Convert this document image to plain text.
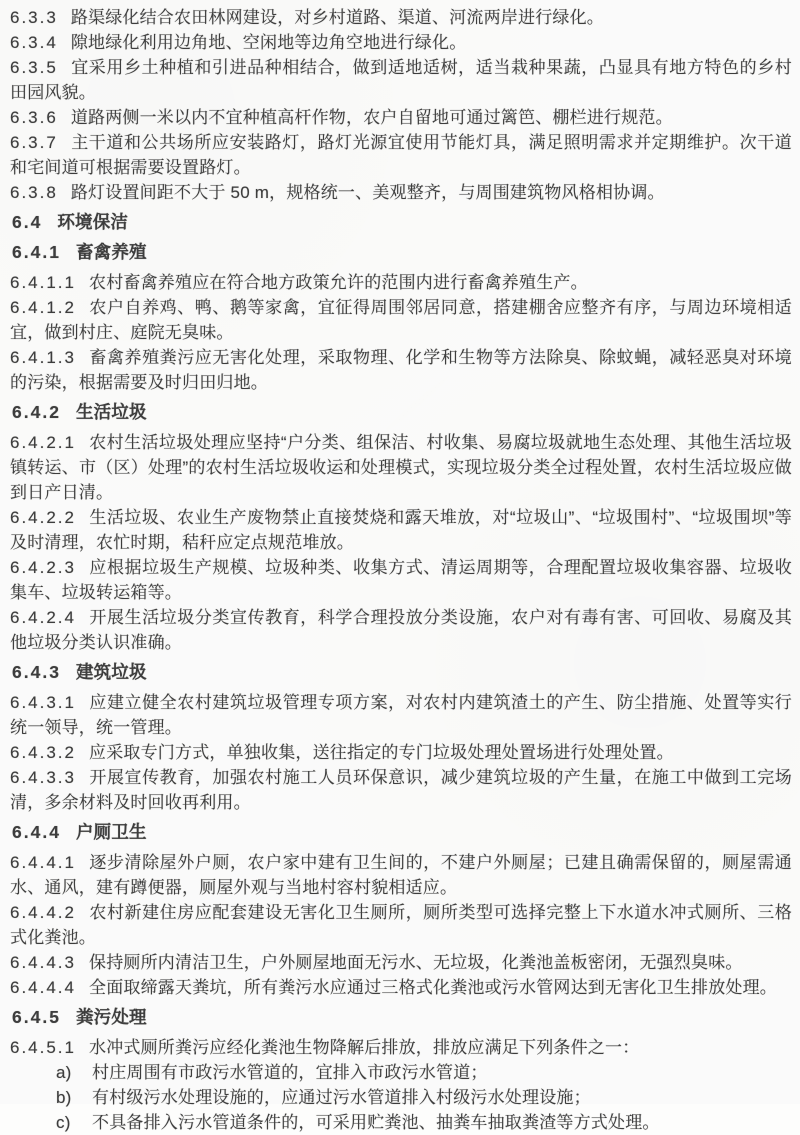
6.3.3 路渠绿化结合农田林网建设，对乡村道路、渠道、河流两岸进行绿化。

6.3.4 隙地绿化利用边角地、空闲地等边角空地进行绿化。

6.3.5 宜采用乡土种植和引进品种相结合，做到适地适树，适当栽种果蔬，凸显具有地方特色的乡村田园风貌。

6.3.6 道路两侧一米以内不宜种植高杆作物，农户自留地可通过篱笆、棚栏进行规范。

6.3.7 主干道和公共场所应安装路灯，路灯光源宜使用节能灯具，满足照明需求并定期维护。次干道和宅间道可根据需要设置路灯。

6.3.8 路灯设置间距不大于 50 m，规格统一、美观整齐，与周围建筑物风格相协调。

6.4 环境保洁

6.4.1 畜禽养殖

6.4.1.1 农村畜禽养殖应在符合地方政策允许的范围内进行畜禽养殖生产。

6.4.1.2 农户自养鸡、鸭、鹅等家禽，宜征得周围邻居同意，搭建棚舍应整齐有序，与周边环境相适宜，做到村庄、庭院无臭味。

6.4.1.3 畜禽养殖粪污应无害化处理，采取物理、化学和生物等方法除臭、除蚊蝇，减轻恶臭对环境的污染，根据需要及时归田归地。

6.4.2 生活垃圾

6.4.2.1 农村生活垃圾处理应坚持“户分类、组保洁、村收集、易腐垃圾就地生态处理、其他生活垃圾镇转运、市（区）处理”的农村生活垃圾收运和处理模式，实现垃圾分类全过程处置，农村生活垃圾应做到日产日清。

6.4.2.2 生活垃圾、农业生产废物禁止直接焚烧和露天堆放，对“垃圾山”、“垃圾围村”、“垃圾围坝”等及时清理，农忙时期，秸秆应定点规范堆放。

6.4.2.3 应根据垃圾生产规模、垃圾种类、收集方式、清运周期等，合理配置垃圾收集容器、垃圾收集车、垃圾转运箱等。

6.4.2.4 开展生活垃圾分类宣传教育，科学合理投放分类设施，农户对有毒有害、可回收、易腐及其他垃圾分类认识准确。

6.4.3 建筑垃圾

6.4.3.1 应建立健全农村建筑垃圾管理专项方案，对农村内建筑渣土的产生、防尘措施、处置等实行统一领导，统一管理。

6.4.3.2 应采取专门方式，单独收集，送往指定的专门垃圾处理处置场进行处理处置。

6.4.3.3 开展宣传教育，加强农村施工人员环保意识，减少建筑垃圾的产生量，在施工中做到工完场清，多余材料及时回收再利用。

6.4.4 户厕卫生

6.4.4.1 逐步清除屋外户厕，农户家中建有卫生间的，不建户外厕屋；已建且确需保留的，厕屋需通水、通风，建有蹲便器，厕屋外观与当地村容村貌相适应。

6.4.4.2 农村新建住房应配套建设无害化卫生厕所，厕所类型可选择完整上下水道水冲式厕所、三格式化粪池。

6.4.4.3 保持厕所内清洁卫生，户外厕屋地面无污水、无垃圾，化粪池盖板密闭，无强烈臭味。

6.4.4.4 全面取缔露天粪坑，所有粪污水应通过三格式化粪池或污水管网达到无害化卫生排放处理。

6.4.5 粪污处理

6.4.5.1 水冲式厕所粪污应经化粪池生物降解后排放，排放应满足下列条件之一：

a) 村庄周围有市政污水管道的，宜排入市政污水管道；

b) 有村级污水处理设施的，应通过污水管道排入村级污水处理设施；

c) 不具备排入污水管道条件的，可采用贮粪池、抽粪车抽取粪渣等方式处理。
